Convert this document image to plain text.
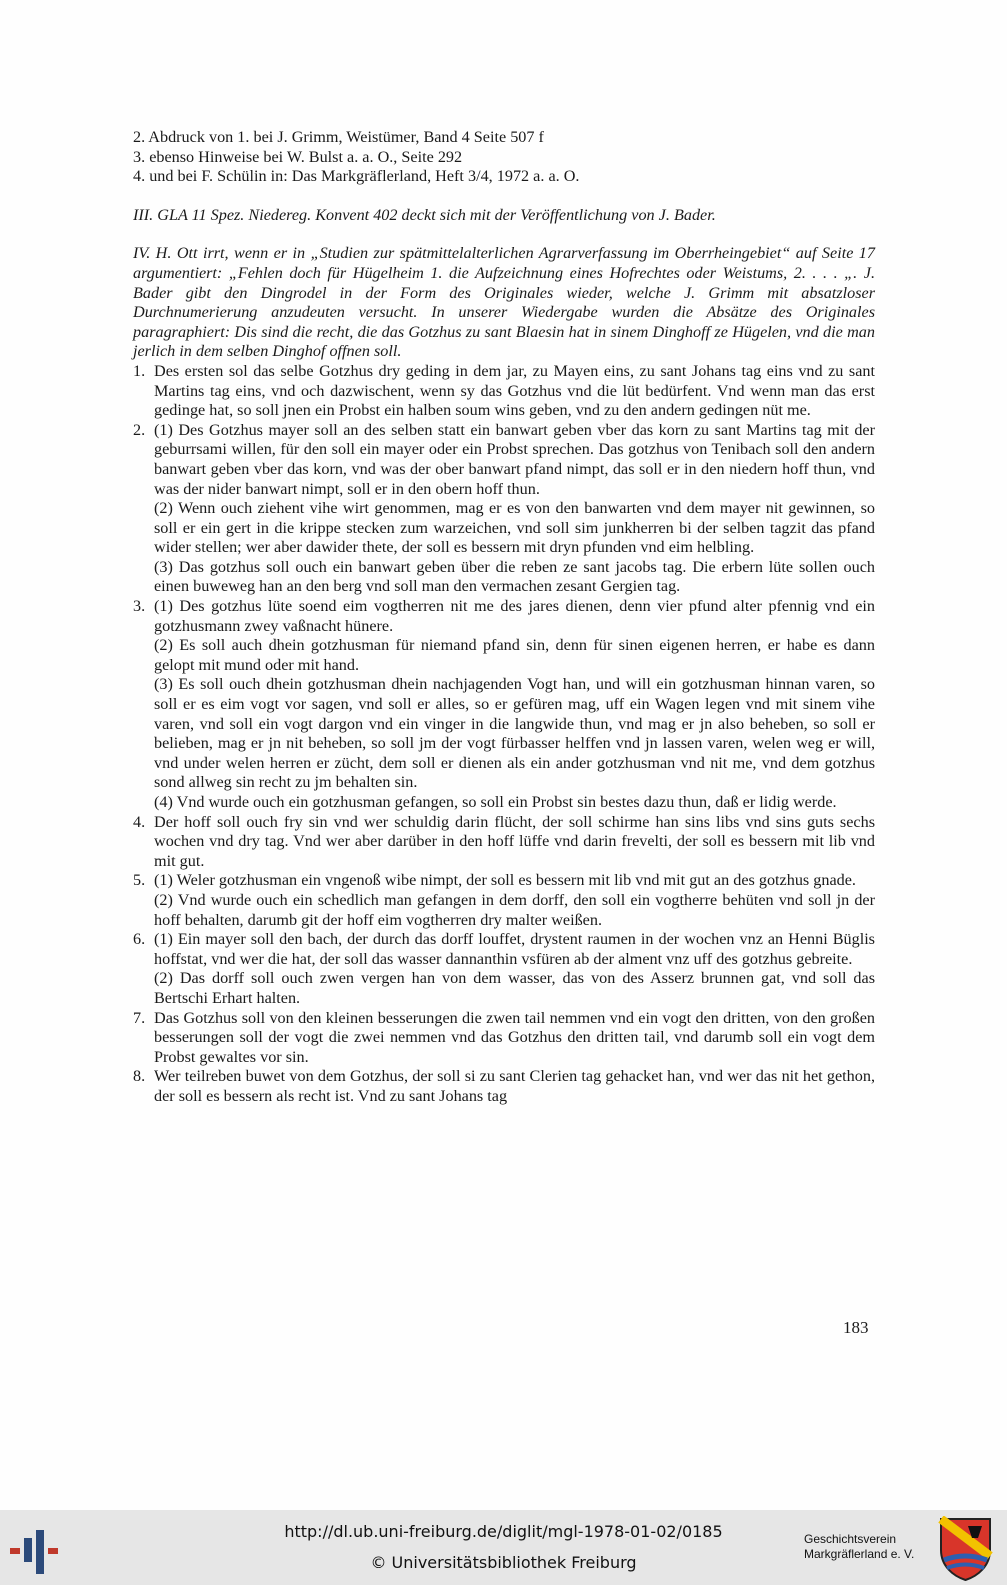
2. Abdruck von 1. bei J. Grimm, Weistümer, Band 4 Seite 507 f

3. ebenso Hinweise bei W. Bulst a. a. O., Seite 292

4. und bei F. Schülin in: Das Markgräflerland, Heft 3/4, 1972 a. a. O.

III. GLA 11 Spez. Niedereg. Konvent 402 deckt sich mit der Veröffentlichung von J. Bader.

IV. H. Ott irrt, wenn er in „Studien zur spätmittelalterlichen Agrarverfassung im Oberrheingebiet“ auf Seite 17 argumentiert: „Fehlen doch für Hügelheim 1. die Aufzeichnung eines Hofrechtes oder Weistums, 2. . . . „. J. Bader gibt den Dingrodel in der Form des Originales wieder, welche J. Grimm mit absatzloser Durchnumerierung anzudeuten versucht. In unserer Wiedergabe wurden die Absätze des Originales paragraphiert: Dis sind die recht, die das Gotzhus zu sant Blaesin hat in sinem Dinghoff ze Hügelen, vnd die man jerlich in dem selben Dinghof offnen soll.

1. Des ersten sol das selbe Gotzhus dry geding in dem jar, zu Mayen eins, zu sant Johans tag eins vnd zu sant Martins tag eins, vnd och dazwischent, wenn sy das Gotzhus vnd die lüt bedürfent. Vnd wenn man das erst gedinge hat, so soll jnen ein Probst ein halben soum wins geben, vnd zu den andern gedingen nüt me.
2. (1) Des Gotzhus mayer soll an des selben statt ein banwart geben vber das korn zu sant Martins tag mit der geburrsami willen, für den soll ein mayer oder ein Probst sprechen. Das gotzhus von Tenibach soll den andern banwart geben vber das korn, vnd was der ober banwart pfand nimpt, das soll er in den niedern hoff thun, vnd was der nider banwart nimpt, soll er in den obern hoff thun.
(2) Wenn ouch ziehent vihe wirt genommen, mag er es von den banwarten vnd dem mayer nit gewinnen, so soll er ein gert in die krippe stecken zum warzeichen, vnd soll sim junkherren bi der selben tagzit das pfand wider stellen; wer aber dawider thete, der soll es bessern mit dryn pfunden vnd eim helbling.
(3) Das gotzhus soll ouch ein banwart geben über die reben ze sant jacobs tag. Die erbern lüte sollen ouch einen buweweg han an den berg vnd soll man den vermachen zesant Gergien tag.
3. (1) Des gotzhus lüte soend eim vogtherren nit me des jares dienen, denn vier pfund alter pfennig vnd ein gotzhusmann zwey vaßnacht hünere.
(2) Es soll auch dhein gotzhusman für niemand pfand sin, denn für sinen eigenen herren, er habe es dann gelopt mit mund oder mit hand.
(3) Es soll ouch dhein gotzhusman dhein nachjagenden Vogt han, und will ein gotzhusman hinnan varen, so soll er es eim vogt vor sagen, vnd soll er alles, so er gefüren mag, uff ein Wagen legen vnd mit sinem vihe varen, vnd soll ein vogt dargon vnd ein vinger in die langwide thun, vnd mag er jn also beheben, so soll er belieben, mag er jn nit beheben, so soll jm der vogt fürbasser helffen vnd jn lassen varen, welen weg er will, vnd under welen herren er zücht, dem soll er dienen als ein ander gotzhusman vnd nit me, vnd dem gotzhus sond allweg sin recht zu jm behalten sin.
(4) Vnd wurde ouch ein gotzhusman gefangen, so soll ein Probst sin bestes dazu thun, daß er lidig werde.
4. Der hoff soll ouch fry sin vnd wer schuldig darin flücht, der soll schirme han sins libs vnd sins guts sechs wochen vnd dry tag. Vnd wer aber darüber in den hoff lüffe vnd darin frevelti, der soll es bessern mit lib vnd mit gut.
5. (1) Weler gotzhusman ein vngenoß wibe nimpt, der soll es bessern mit lib vnd mit gut an des gotzhus gnade.
(2) Vnd wurde ouch ein schedlich man gefangen in dem dorff, den soll ein vogtherre behüten vnd soll jn der hoff behalten, darumb git der hoff eim vogtherren dry malter weißen.
6. (1) Ein mayer soll den bach, der durch das dorff louffet, drystent raumen in der wochen vnz an Henni Büglis hoffstat, vnd wer die hat, der soll das wasser dannanthin vsfüren ab der alment vnz uff des gotzhus gebreite.
(2) Das dorff soll ouch zwen vergen han von dem wasser, das von des Asserz brunnen gat, vnd soll das Bertschi Erhart halten.
7. Das Gotzhus soll von den kleinen besserungen die zwen tail nemmen vnd ein vogt den dritten, von den großen besserungen soll der vogt die zwei nemmen vnd das Gotzhus den dritten tail, vnd darumb soll ein vogt dem Probst gewaltes vor sin.
8. Wer teilreben buwet von dem Gotzhus, der soll si zu sant Clerien tag gehacket han, vnd wer das nit het gethon, der soll es bessern als recht ist. Vnd zu sant Johans tag
183
http://dl.ub.uni-freiburg.de/diglit/mgl-1978-01-02/0185
© Universitätsbibliothek Freiburg
Geschichtsverein
Markgräflerland e. V.
